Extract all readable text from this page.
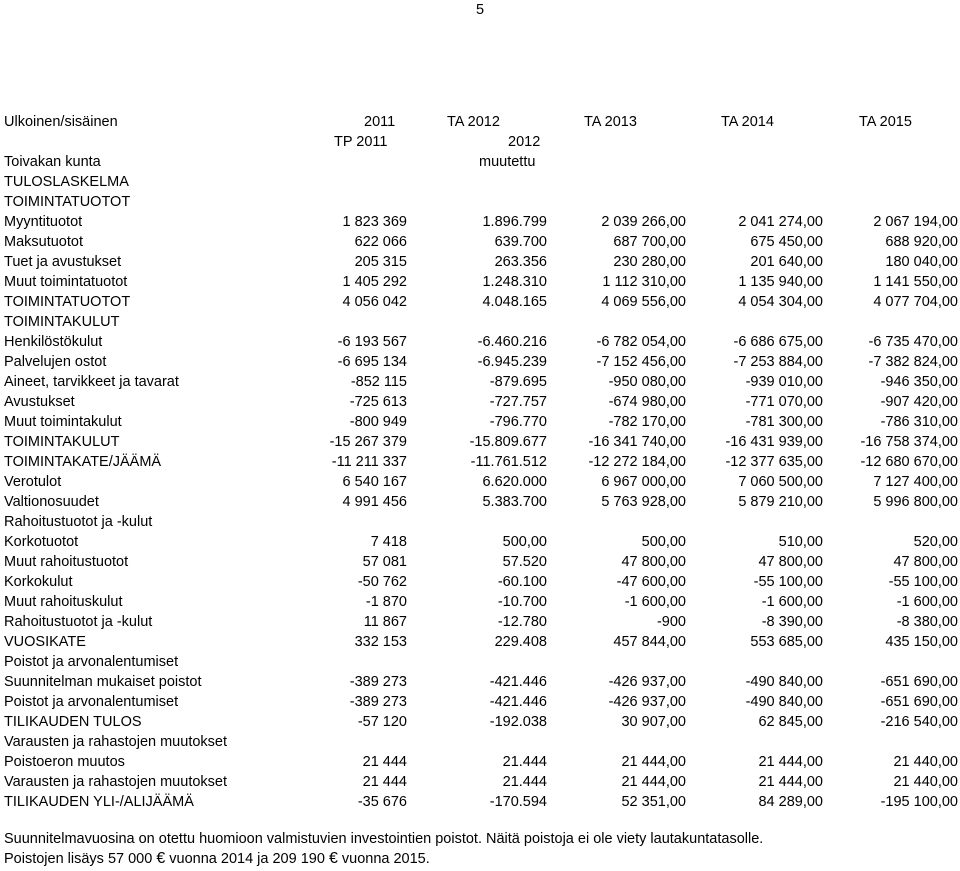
5
Ulkoinen/sisäinen	2011	TA 2012	TA 2013	TA 2014	TA 2015
TP 2011	2012
Toivakan kunta	muutettu
TULOSLASKELMA
TOIMINTATUOTOT
Myyntituotot	1 823 369	1.896.799	2 039 266,00	2 041 274,00	2 067 194,00
Maksutuotot	622 066	639.700	687 700,00	675 450,00	688 920,00
Tuet ja avustukset	205 315	263.356	230 280,00	201 640,00	180 040,00
Muut toimintatuotot	1 405 292	1.248.310	1 112 310,00	1 135 940,00	1 141 550,00
TOIMINTATUOTOT	4 056 042	4.048.165	4 069 556,00	4 054 304,00	4 077 704,00
TOIMINTAKULUT
Henkilöstökulut	-6 193 567	-6.460.216	-6 782 054,00	-6 686 675,00	-6 735 470,00
Palvelujen ostot	-6 695 134	-6.945.239	-7 152 456,00	-7 253 884,00	-7 382 824,00
Aineet, tarvikkeet ja tavarat	-852 115	-879.695	-950 080,00	-939 010,00	-946 350,00
Avustukset	-725 613	-727.757	-674 980,00	-771 070,00	-907 420,00
Muut toimintakulut	-800 949	-796.770	-782 170,00	-781 300,00	-786 310,00
TOIMINTAKULUT	-15 267 379	-15.809.677	-16 341 740,00	-16 431 939,00	-16 758 374,00
TOIMINTAKATE/JÄÄMÄ	-11 211 337	-11.761.512	-12 272 184,00	-12 377 635,00	-12 680 670,00
Verotulot	6 540 167	6.620.000	6 967 000,00	7 060 500,00	7 127 400,00
Valtionosuudet	4 991 456	5.383.700	5 763 928,00	5 879 210,00	5 996 800,00
Rahoitustuotot ja -kulut
Korkotuotot	7 418	500,00	500,00	510,00	520,00
Muut rahoitustuotot	57 081	57.520	47 800,00	47 800,00	47 800,00
Korkokulut	-50 762	-60.100	-47 600,00	-55 100,00	-55 100,00
Muut rahoituskulut	-1 870	-10.700	-1 600,00	-1 600,00	-1 600,00
Rahoitustuotot ja -kulut	11 867	-12.780	-900	-8 390,00	-8 380,00
VUOSIKATE	332 153	229.408	457 844,00	553 685,00	435 150,00
Poistot ja arvonalentumiset
Suunnitelman mukaiset poistot	-389 273	-421.446	-426 937,00	-490 840,00	-651 690,00
Poistot ja arvonalentumiset	-389 273	-421.446	-426 937,00	-490 840,00	-651 690,00
TILIKAUDEN TULOS	-57 120	-192.038	30 907,00	62 845,00	-216 540,00
Varausten ja rahastojen muutokset
Poistoeron muutos	21 444	21.444	21 444,00	21 444,00	21 440,00
Varausten ja rahastojen muutokset	21 444	21.444	21 444,00	21 444,00	21 440,00
TILIKAUDEN YLI-/ALIJÄÄMÄ	-35 676	-170.594	52 351,00	84 289,00	-195 100,00
Suunnitelmavuosina on otettu huomioon valmistuvien investointien poistot. Näitä poistoja ei ole viety lautakuntatasolle.
Poistojen lisäys 57 000 € vuonna 2014 ja 209 190 € vuonna 2015.
